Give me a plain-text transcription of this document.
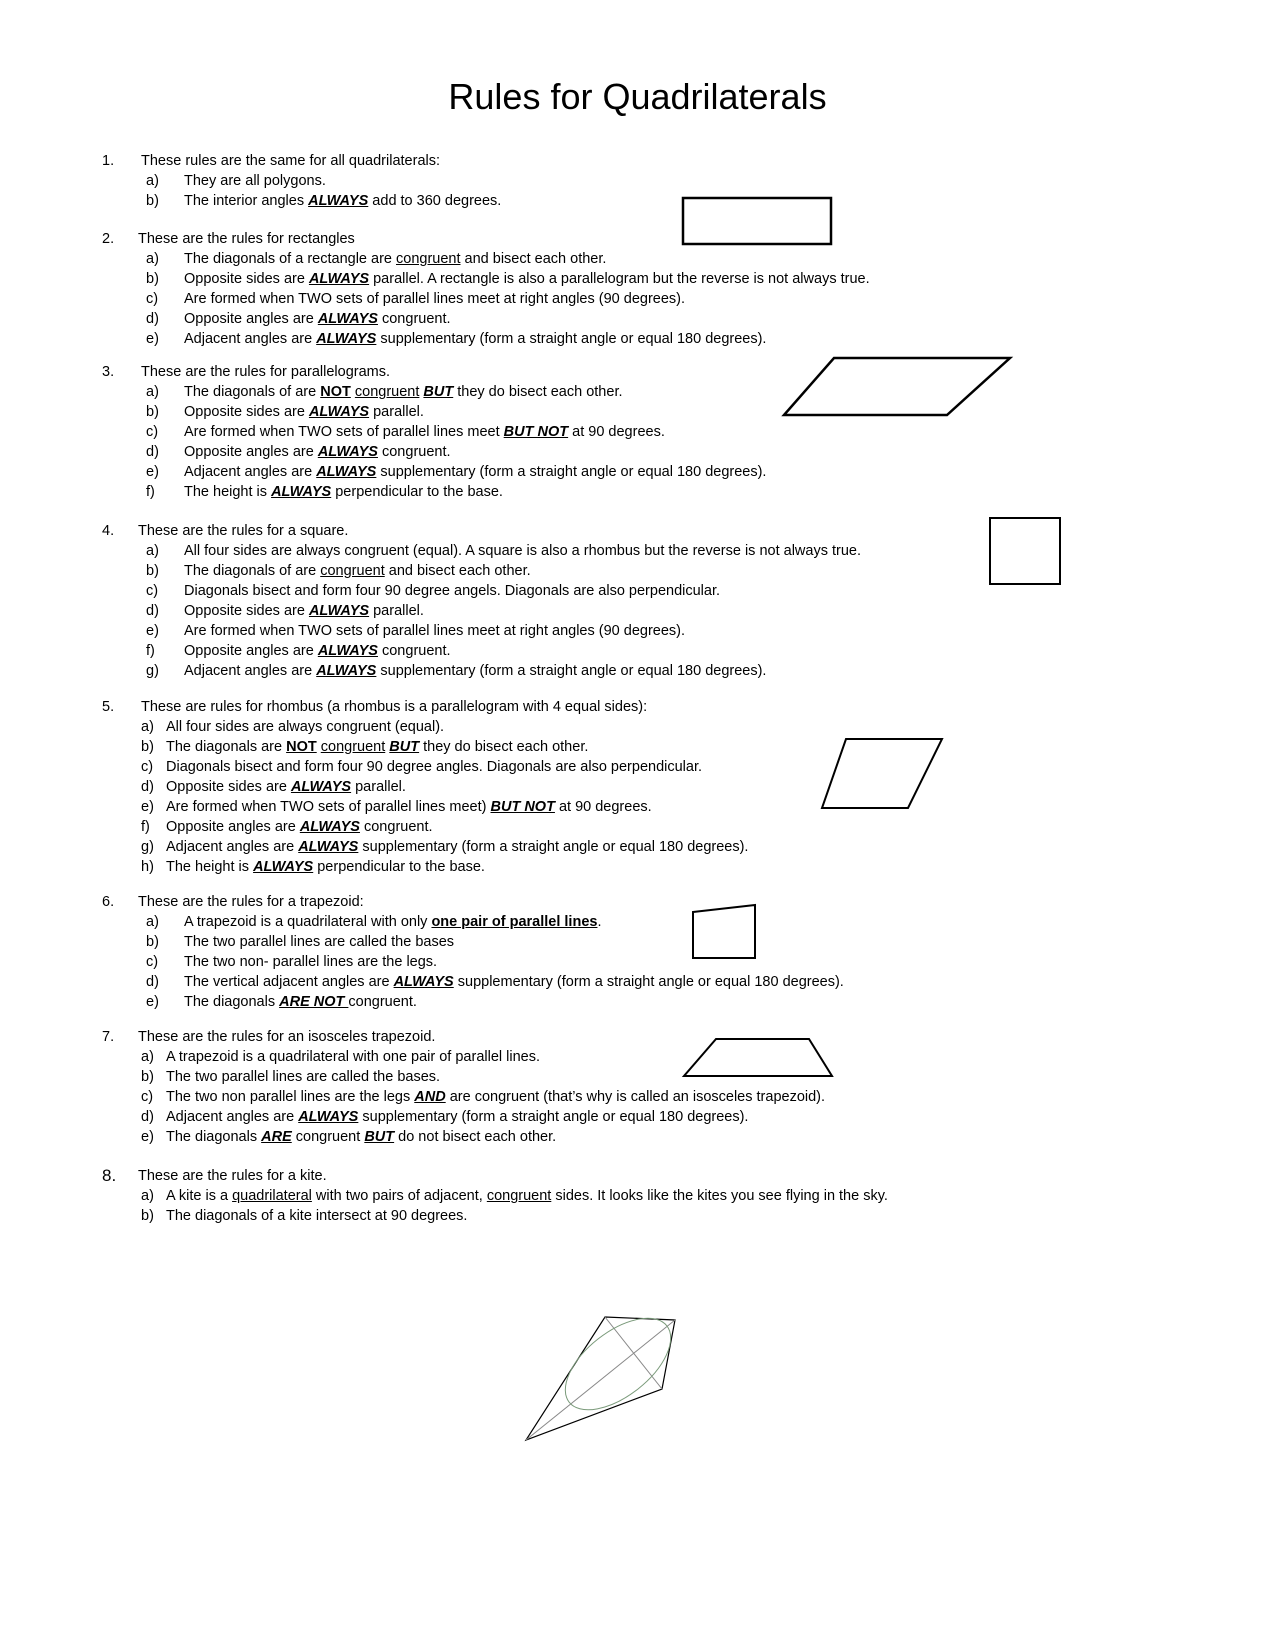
Rules for Quadrilaterals
1. These rules are the same for all quadrilaterals:
a) They are all polygons.
b) The interior angles ALWAYS add to 360 degrees.
2. These are the rules for rectangles
a) The diagonals of a rectangle are congruent and bisect each other.
b) Opposite sides are ALWAYS parallel. A rectangle is also a parallelogram but the reverse is not always true.
c) Are formed when TWO sets of parallel lines meet at right angles (90 degrees).
d) Opposite angles are ALWAYS congruent.
e) Adjacent angles are ALWAYS supplementary (form a straight angle or equal 180 degrees).
3. These are the rules for parallelograms.
a) The diagonals of are NOT congruent BUT they do bisect each other.
b) Opposite sides are ALWAYS parallel.
c) Are formed when TWO sets of parallel lines meet BUT NOT at 90 degrees.
d) Opposite angles are ALWAYS congruent.
e) Adjacent angles are ALWAYS supplementary (form a straight angle or equal 180 degrees).
f) The height is ALWAYS perpendicular to the base.
4. These are the rules for a square.
a) All four sides are always congruent (equal). A square is also a rhombus but the reverse is not always true.
b) The diagonals of are congruent and bisect each other.
c) Diagonals bisect and form four 90 degree angels. Diagonals are also perpendicular.
d) Opposite sides are ALWAYS parallel.
e) Are formed when TWO sets of parallel lines meet at right angles (90 degrees).
f) Opposite angles are ALWAYS congruent.
g) Adjacent angles are ALWAYS supplementary (form a straight angle or equal 180 degrees).
5. These are rules for rhombus (a rhombus is a parallelogram with 4 equal sides):
a) All four sides are always congruent (equal).
b) The diagonals are NOT congruent BUT they do bisect each other.
c) Diagonals bisect and form four 90 degree angles. Diagonals are also perpendicular.
d) Opposite sides are ALWAYS parallel.
e) Are formed when TWO sets of parallel lines meet) BUT NOT at 90 degrees.
f) Opposite angles are ALWAYS congruent.
g) Adjacent angles are ALWAYS supplementary (form a straight angle or equal 180 degrees).
h) The height is ALWAYS perpendicular to the base.
6. These are the rules for a trapezoid:
a) A trapezoid is a quadrilateral with only one pair of parallel lines.
b) The two parallel lines are called the bases
c) The two non- parallel lines are the legs.
d) The vertical adjacent angles are ALWAYS supplementary (form a straight angle or equal 180 degrees).
e) The diagonals ARE NOT congruent.
7. These are the rules for an isosceles trapezoid.
a) A trapezoid is a quadrilateral with one pair of parallel lines.
b) The two parallel lines are called the bases.
c) The two non parallel lines are the legs AND are congruent (that’s why is called an isosceles trapezoid).
d) Adjacent angles are ALWAYS supplementary (form a straight angle or equal 180 degrees).
e) The diagonals ARE congruent BUT do not bisect each other.
8. These are the rules for a kite.
a) A kite is a quadrilateral with two pairs of adjacent, congruent sides. It looks like the kites you see flying in the sky.
b) The diagonals of a kite intersect at 90 degrees.
